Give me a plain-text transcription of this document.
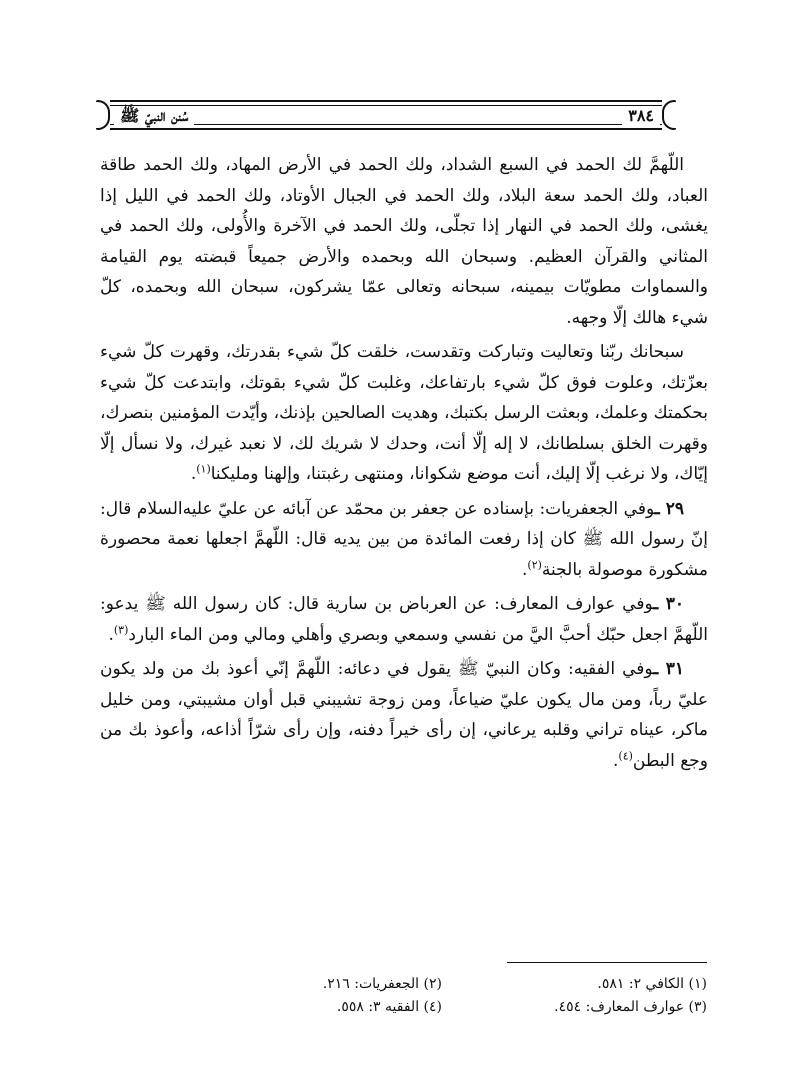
٣٨٤
سُنن النبيّ ﷺ

اللّهمَّ لك الحمد في السبع الشداد، ولك الحمد في الأرض المهاد، ولك الحمد طاقة العباد، ولك الحمد سعة البلاد، ولك الحمد في الجبال الأوتاد، ولك الحمد في الليل إذا يغشى، ولك الحمد في النهار إذا تجلّى، ولك الحمد في الآخرة والأُولى، ولك الحمد في المثاني والقرآن العظيم. وسبحان الله وبحمده والأرض جميعاً قبضته يوم القيامة والسماوات مطويّات بيمينه، سبحانه وتعالى عمّا يشركون، سبحان الله وبحمده، كلّ شيء هالك إلّا وجهه.

سبحانك ربّنا وتعاليت وتباركت وتقدست، خلقت كلّ شيء بقدرتك، وقهرت كلّ شيء بعزّتك، وعلوت فوق كلّ شيء بارتفاعك، وغلبت كلّ شيء بقوتك، وابتدعت كلّ شيء بحكمتك وعلمك، وبعثت الرسل بكتبك، وهديت الصالحين بإذنك، وأيّدت المؤمنين بنصرك، وقهرت الخلق بسلطانك، لا إله إلّا أنت، وحدك لا شريك لك، لا نعبد غيرك، ولا نسأل إلّا إيّاك، ولا نرغب إلّا إليك، أنت موضع شكوانا، ومنتهى رغبتنا، وإلهنا ومليكنا$^{(١)}$.

٢٩ ـوفي الجعفريات: بإسناده عن جعفر بن محمّد عن آبائه عن عليّ عليه‌السلام قال: إنّ رسول الله ﷺ كان إذا رفعت المائدة من بين يديه قال: اللّهمَّ اجعلها نعمة محصورة مشكورة موصولة بالجنة$^{(٢)}$.

٣٠ ـوفي عوارف المعارف: عن العرباض بن سارية قال: كان رسول الله ﷺ يدعو: اللّهمَّ اجعل حبّك أحبَّ اليَّ من نفسي وسمعي وبصري وأهلي ومالي ومن الماء البارد$^{(٣)}$.

٣١ ـوفي الفقيه: وكان النبيّ ﷺ يقول في دعائه: اللّهمَّ إنّي أعوذ بك من ولد يكون عليّ رباً، ومن مال يكون عليّ ضياعاً، ومن زوجة تشيبني قبل أوان مشيبتي، ومن خليل ماكر، عيناه تراني وقلبه يرعاني، إن رأى خيراً دفنه، وإن رأى شرّاً أذاعه، وأعوذ بك من وجع البطن$^{(٤)}$.

(١) الكافي ٢: ٥٨١.
(٢) الجعفريات: ٢١٦.
(٣) عوارف المعارف: ٤٥٤.
(٤) الفقيه ٣: ٥٥٨.
